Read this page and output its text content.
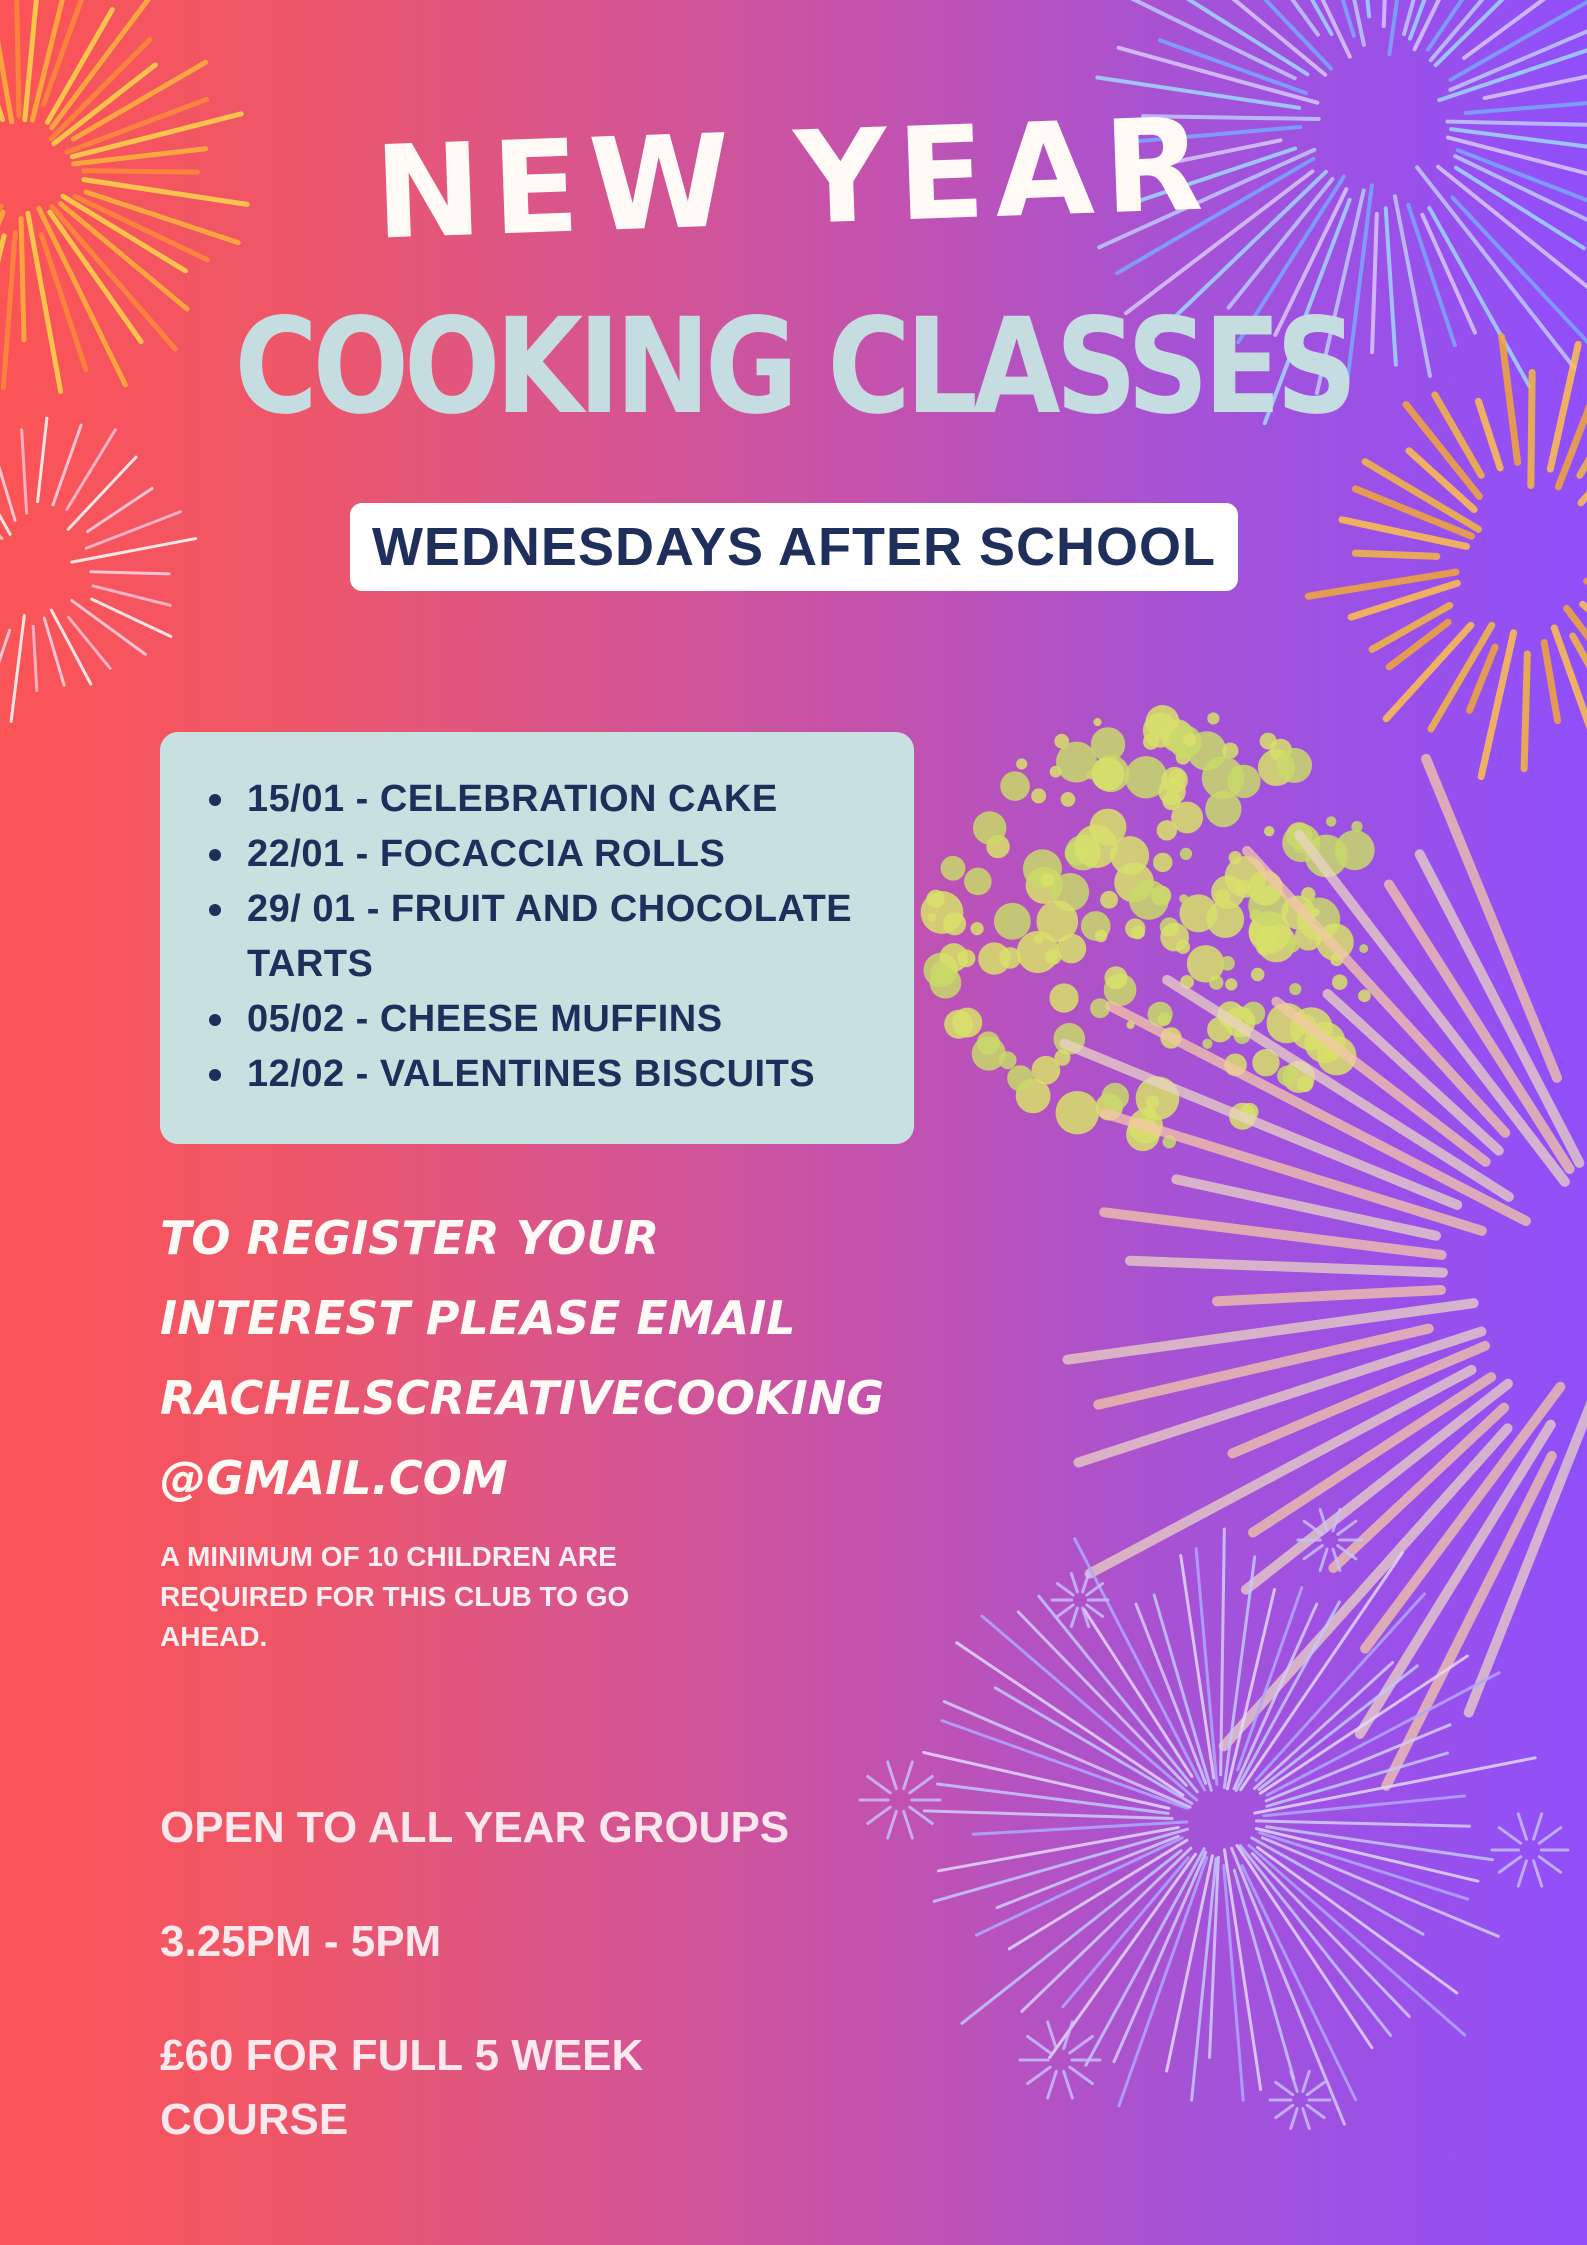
NEW YEAR
COOKING CLASSES
WEDNESDAYS AFTER SCHOOL
15/01 - CELEBRATION CAKE
22/01 - FOCACCIA ROLLS
29/ 01 - FRUIT AND CHOCOLATE TARTS
05/02 - CHEESE MUFFINS
12/02 - VALENTINES BISCUITS
TO REGISTER YOUR
INTEREST PLEASE EMAIL
RACHELSCREATIVECOOKING
@GMAIL.COM
A MINIMUM OF 10 CHILDREN ARE REQUIRED FOR THIS CLUB TO GO AHEAD.
OPEN TO ALL YEAR GROUPS
3.25PM - 5PM
£60 FOR FULL 5 WEEK COURSE
